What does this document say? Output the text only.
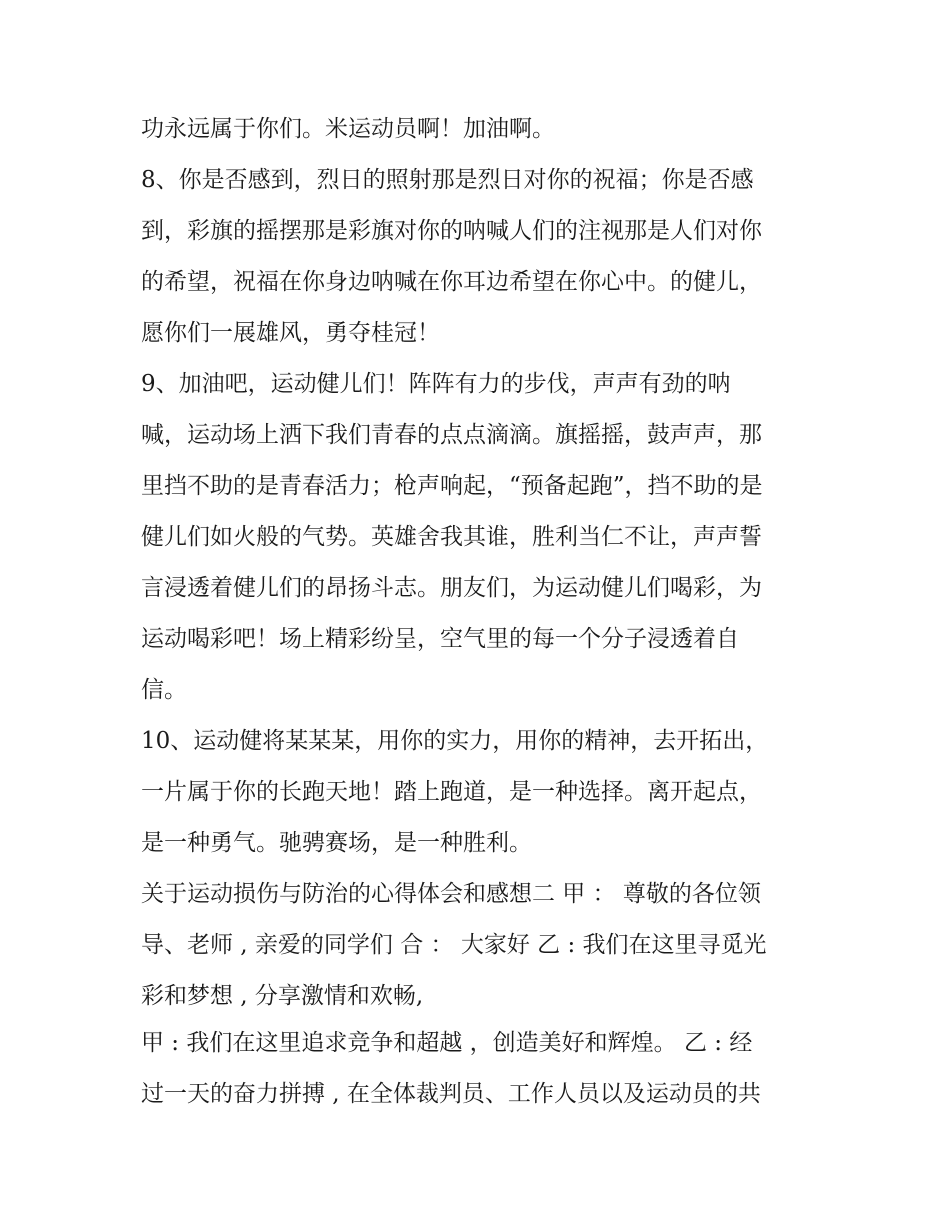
功永远属于你们。米运动员啊！加油啊。
8、你是否感到，烈日的照射那是烈日对你的祝福；你是否感
到，彩旗的摇摆那是彩旗对你的呐喊人们的注视那是人们对你
的希望，祝福在你身边呐喊在你耳边希望在你心中。的健儿，
愿你们一展雄风，勇夺桂冠！
9、加油吧，运动健儿们！阵阵有力的步伐，声声有劲的呐
喊，运动场上洒下我们青春的点点滴滴。旗摇摇，鼓声声，那
里挡不助的是青春活力；枪声响起，“预备起跑”，挡不助的是
健儿们如火般的气势。英雄舍我其谁，胜利当仁不让，声声誓
言浸透着健儿们的昂扬斗志。朋友们，为运动健儿们喝彩，为
运动喝彩吧！场上精彩纷呈，空气里的每一个分子浸透着自
信。
10、运动健将某某某，用你的实力，用你的精神，去开拓出，
一片属于你的长跑天地！踏上跑道，是一种选择。离开起点，
是一种勇气。驰骋赛场，是一种胜利。
关于运动损伤与防治的心得体会和感想二 甲 ： 尊敬的各位领
导、老师 , 亲爱的同学们 合 ： 大家好 乙 : 我们在这里寻觅光
彩和梦想 , 分享激情和欢畅,
甲 : 我们在这里追求竞争和超越 ，创造美好和辉煌。 乙 : 经
过一天的奋力拼搏 , 在全体裁判员、工作人员以及运动员的共
